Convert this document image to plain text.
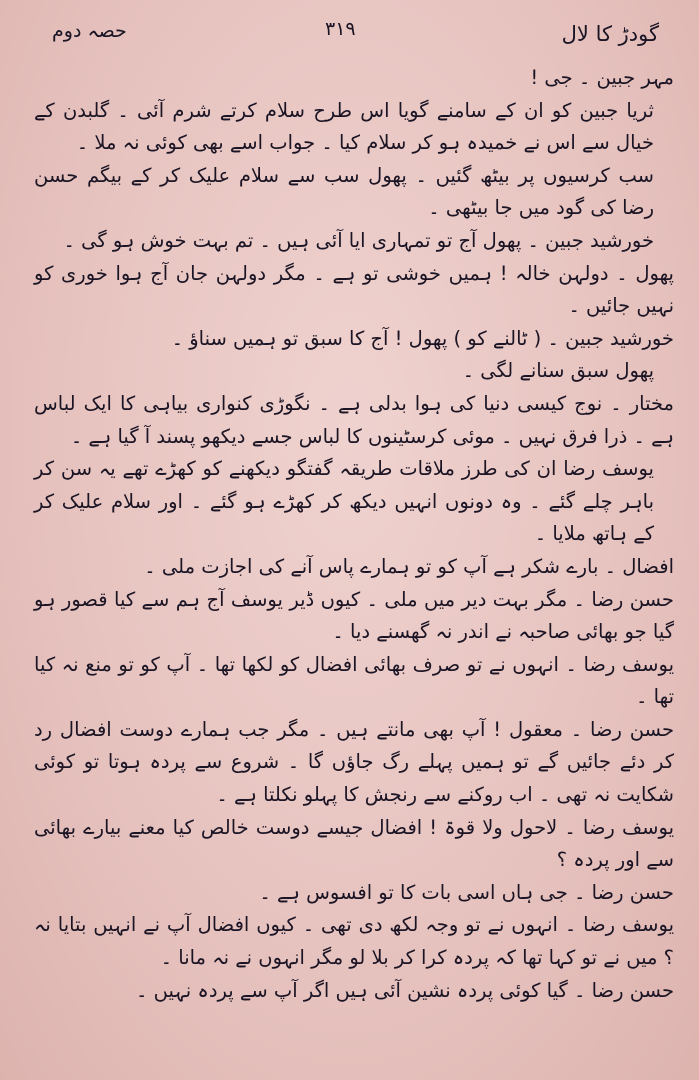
حصہ دوم	۳۱۹	گودڑ کا لال

مہر جبین ۔ جی !

ثریا جبین کو ان کے سامنے گویا اس طرح سلام کرتے شرم آئی ۔ گلبدن کے خیال سے اس نے خمیدہ ہو کر سلام کیا ۔ جواب اسے بھی کوئی نہ ملا ۔

سب کرسیوں پر بیٹھ گئیں ۔ پھول سب سے سلام علیک کر کے بیگم حسن رضا کی گود میں جا بیٹھی ۔

خورشید جبین ۔ پھول آج تو تمہاری ایا آئی ہیں ۔ تم بہت خوش ہو گی ۔

پھول ۔ دولہن خالہ ! ہمیں خوشی تو ہے ۔ مگر دولہن جان آج ہوا خوری کو نہیں جائیں ۔

خورشید جبین ۔ ( ٹالنے کو ) پھول ! آج کا سبق تو ہمیں سناؤ ۔

پھول سبق سنانے لگی ۔

مختار ۔ نوج کیسی دنیا کی ہوا بدلی ہے ۔ نگوڑی کنواری بیاہی کا ایک لباس ہے ۔ ذرا فرق نہیں ۔ موئی کرسٹینوں کا لباس جسے دیکھو پسند آ گیا ہے ۔

یوسف رضا ان کی طرز ملاقات طریقہ گفتگو دیکھنے کو کھڑے تھے یہ سن کر باہر چلے گئے ۔ وہ دونوں انہیں دیکھ کر کھڑے ہو گئے ۔ اور سلام علیک کر کے ہاتھ ملایا ۔

افضال ۔ بارے شکر ہے آپ کو تو ہمارے پاس آنے کی اجازت ملی ۔

حسن رضا ۔ مگر بہت دیر میں ملی ۔ کیوں ڈیر یوسف آج ہم سے کیا قصور ہو گیا جو بھائی صاحبہ نے اندر نہ گھسنے دیا ۔

یوسف رضا ۔ انہوں نے تو صرف بھائی افضال کو لکھا تھا ۔ آپ کو تو منع نہ کیا تھا ۔

حسن رضا ۔ معقول ! آپ بھی مانتے ہیں ۔ مگر جب ہمارے دوست افضال رد کر دئے جائیں گے تو ہمیں پہلے رگ جاؤں گا ۔ شروع سے پردہ ہوتا تو کوئی شکایت نہ تھی ۔ اب روکنے سے رنجش کا پہلو نکلتا ہے ۔

یوسف رضا ۔ لاحول ولا قوۃ ! افضال جیسے دوست خالص کیا معنے بیارے بھائی سے اور پردہ ؟

حسن رضا ۔ جی ہاں اسی بات کا تو افسوس ہے ۔

یوسف رضا ۔ انہوں نے تو وجہ لکھ دی تھی ۔ کیوں افضال آپ نے انہیں بتایا نہ ؟ میں نے تو کہا تھا کہ پردہ کرا کر بلا لو مگر انہوں نے نہ مانا ۔

حسن رضا ۔ گیا کوئی پردہ نشین آئی ہیں اگر آپ سے پردہ نہیں ۔
